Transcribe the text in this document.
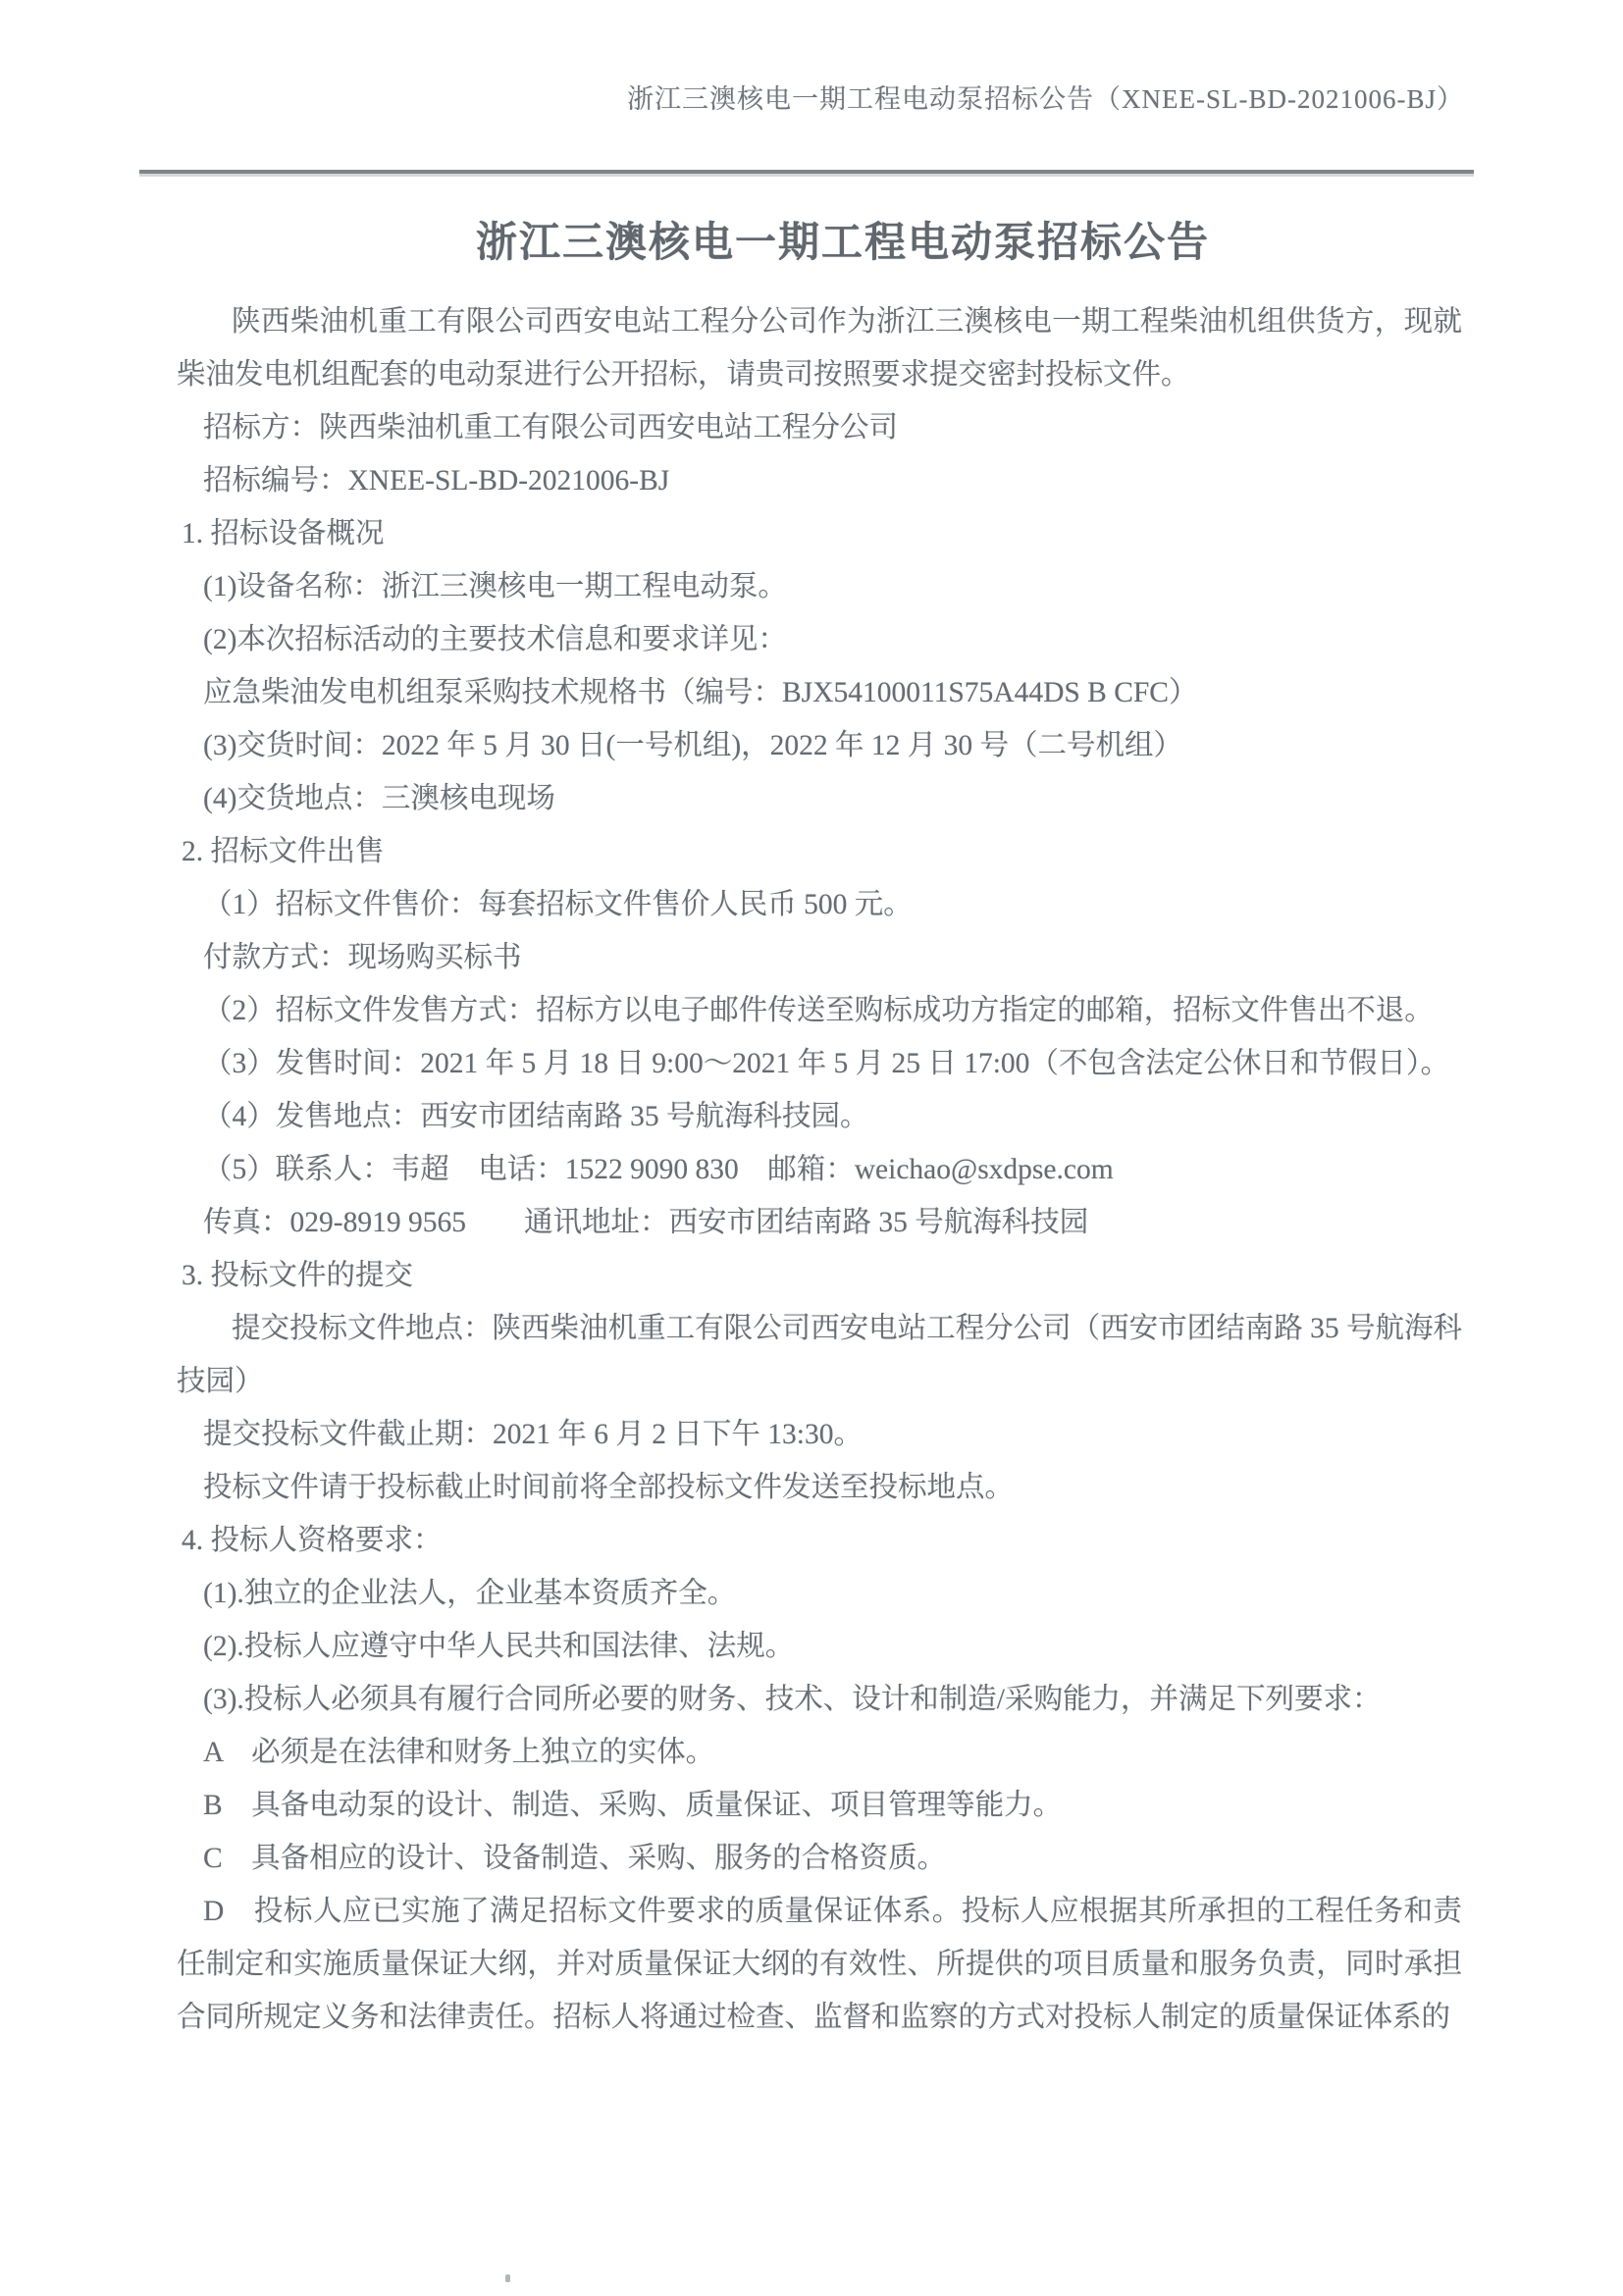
浙江三澳核电一期工程电动泵招标公告（XNEE-SL-BD-2021006-BJ）
浙江三澳核电一期工程电动泵招标公告

陕西柴油机重工有限公司西安电站工程分公司作为浙江三澳核电一期工程柴油机组供货方，现就柴油发电机组配套的电动泵进行公开招标，请贵司按照要求提交密封投标文件。

招标方：陕西柴油机重工有限公司西安电站工程分公司

招标编号：XNEE-SL-BD-2021006-BJ

1. 招标设备概况

(1)设备名称：浙江三澳核电一期工程电动泵。

(2)本次招标活动的主要技术信息和要求详见：

应急柴油发电机组泵采购技术规格书（编号：BJX54100011S75A44DS B CFC）

(3)交货时间：2022 年 5 月 30 日(一号机组)，2022 年 12 月 30 号（二号机组）

(4)交货地点：三澳核电现场

2. 招标文件出售

（1）招标文件售价：每套招标文件售价人民币 500 元。

付款方式：现场购买标书

（2）招标文件发售方式：招标方以电子邮件传送至购标成功方指定的邮箱，招标文件售出不退。

（3）发售时间：2021 年 5 月 18 日 9:00～2021 年 5 月 25 日 17:00（不包含法定公休日和节假日）。

（4）发售地点：西安市团结南路 35 号航海科技园。

（5）联系人：韦超　电话：1522 9090 830　邮箱：weichao@sxdpse.com

传真：029-8919 9565　　通讯地址：西安市团结南路 35 号航海科技园

3. 投标文件的提交

提交投标文件地点：陕西柴油机重工有限公司西安电站工程分公司（西安市团结南路 35 号航海科技园）

提交投标文件截止期：2021 年 6 月 2 日下午 13:30。

投标文件请于投标截止时间前将全部投标文件发送至投标地点。

4. 投标人资格要求：

(1).独立的企业法人，企业基本资质齐全。

(2).投标人应遵守中华人民共和国法律、法规。

(3).投标人必须具有履行合同所必要的财务、技术、设计和制造/采购能力，并满足下列要求：

A　必须是在法律和财务上独立的实体。

B　具备电动泵的设计、制造、采购、质量保证、项目管理等能力。

C　具备相应的设计、设备制造、采购、服务的合格资质。

D　投标人应已实施了满足招标文件要求的质量保证体系。投标人应根据其所承担的工程任务和责任制定和实施质量保证大纲，并对质量保证大纲的有效性、所提供的项目质量和服务负责，同时承担合同所规定义务和法律责任。招标人将通过检查、监督和监察的方式对投标人制定的质量保证体系的
